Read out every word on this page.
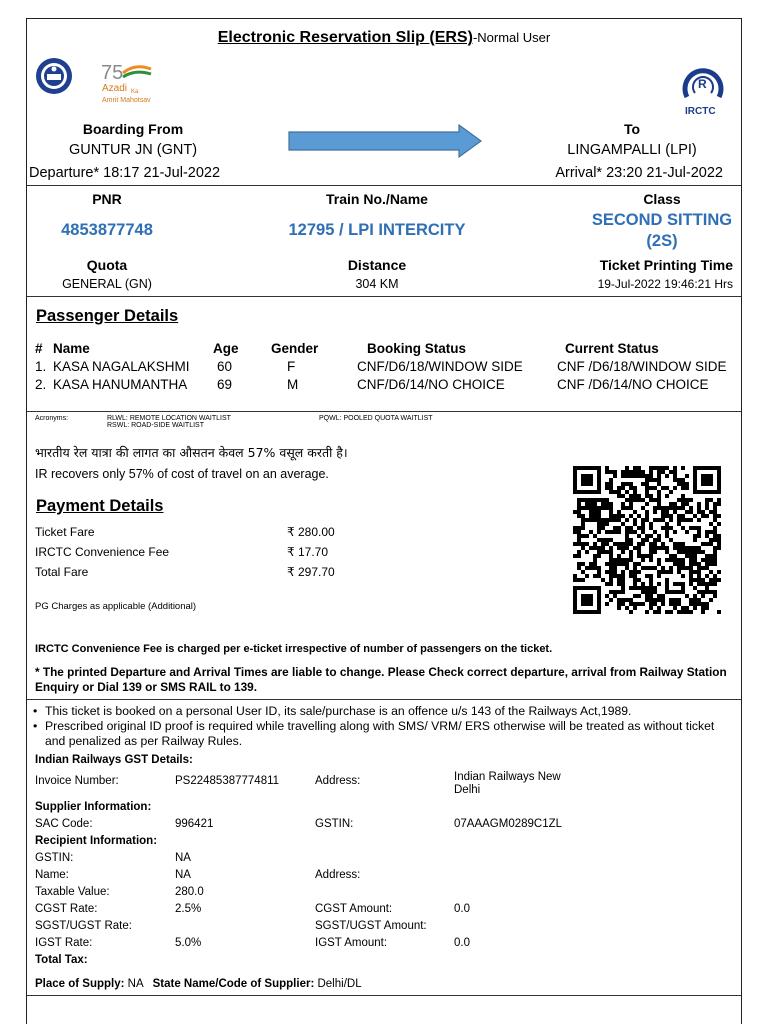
Electronic Reservation Slip (ERS)-Normal User
75
Azadi Ka
Amrit Mahotsav
R
IRCTC
Boarding From
GUNTUR JN (GNT)
Departure* 18:17 21-Jul-2022
To
LINGAMPALLI (LPI)
Arrival* 23:20 21-Jul-2022
PNR
4853877748
Train No./Name
12795 / LPI INTERCITY
Class
SECOND SITTING
(2S)
Quota
GENERAL (GN)
Distance
304 KM
Ticket Printing Time
19-Jul-2022 19:46:21 Hrs
Passenger Details
#	Name	Age	Gender	Booking Status	Current Status
1.	KASA NAGALAKSHMI	60	F	CNF/D6/18/WINDOW SIDE	CNF /D6/18/WINDOW SIDE
2.	KASA HANUMANTHA	69	M	CNF/D6/14/NO CHOICE	CNF /D6/14/NO CHOICE
Acronyms:	RLWL: REMOTE LOCATION WAITLIST
RSWL: ROAD-SIDE WAITLIST
PQWL: POOLED QUOTA WAITLIST
भारतीय रेल यात्रा की लागत का औसतन केवल 57% वसूल करती है।
IR recovers only 57% of cost of travel on an average.
Payment Details
Ticket Fare	₹ 280.00
IRCTC Convenience Fee	₹ 17.70
Total Fare	₹ 297.70
PG Charges as applicable (Additional)
IRCTC Convenience Fee is charged per e-ticket irrespective of number of passengers on the ticket.
* The printed Departure and Arrival Times are liable to change. Please Check correct departure, arrival from Railway Station Enquiry or Dial 139 or SMS RAIL to 139.
• This ticket is booked on a personal User ID, its sale/purchase is an offence u/s 143 of the Railways Act,1989.
• Prescribed original ID proof is required while travelling along with SMS/ VRM/ ERS otherwise will be treated as without ticket and penalized as per Railway Rules.
Indian Railways GST Details:
Invoice Number:	PS22485387774811	Address:	Indian Railways New Delhi
Supplier Information:			
SAC Code:	996421	GSTIN:	07AAAGM0289C1ZL
Recipient Information:			
GSTIN:	NA		
Name:	NA	Address:	
Taxable Value:	280.0		
CGST Rate:	2.5%	CGST Amount:	0.0
SGST/UGST Rate:		SGST/UGST Amount:	
IGST Rate:	5.0%	IGST Amount:	0.0
Total Tax:			
Place of Supply: NA State Name/Code of Supplier: Delhi/DL
